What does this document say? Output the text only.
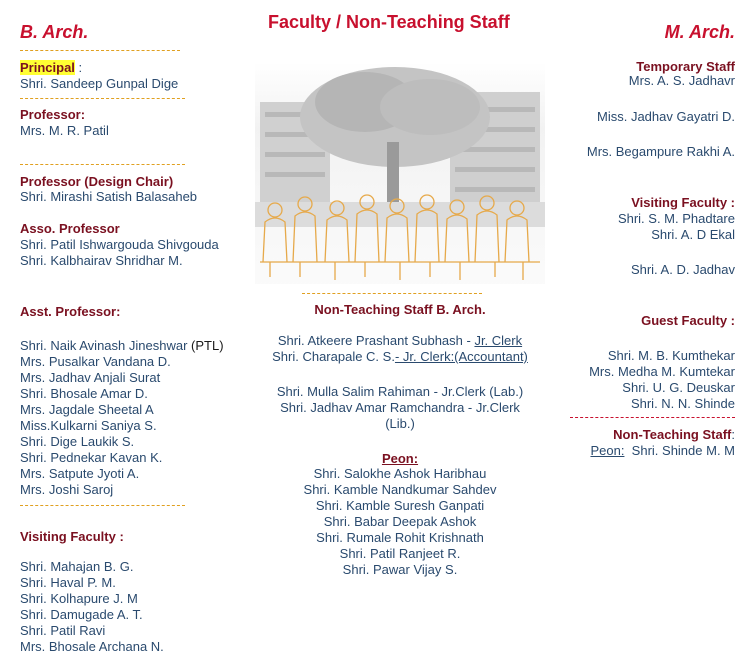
Faculty / Non-Teaching Staff
B. Arch.
Principal :
Shri. Sandeep Gunpal Dige
Professor:
Mrs. M. R. Patil
Professor (Design Chair)
Shri. Mirashi Satish Balasaheb
Asso. Professor
Shri. Patil Ishwargouda Shivgouda
Shri. Kalbhairav Shridhar M.
Asst. Professor:
Shri. Naik Avinash Jineshwar (PTL)
Mrs. Pusalkar Vandana D.
Mrs. Jadhav Anjali Surat
Shri. Bhosale Amar D.
Mrs. Jagdale Sheetal A
Miss.Kulkarni Saniya S.
Shri. Dige Laukik S.
Shri. Pednekar Kavan K.
Mrs. Satpute Jyoti A.
Mrs. Joshi Saroj
Visiting Faculty :
Shri. Mahajan B. G.
Shri. Haval P. M.
Shri. Kolhapure J. M
Shri. Damugade A. T.
Shri. Patil Ravi
Mrs. Bhosale Archana N.
Non-Teaching Staff B. Arch.
Shri. Atkeere Prashant Subhash - Jr. Clerk
Shri. Charapale C. S.- Jr. Clerk:(Accountant)
Shri. Mulla Salim Rahiman - Jr.Clerk (Lab.)
Shri. Jadhav Amar Ramchandra - Jr.Clerk
(Lib.)
Peon:
Shri. Salokhe Ashok Haribhau
Shri. Kamble Nandkumar Sahdev
Shri. Kamble Suresh Ganpati
Shri. Babar Deepak Ashok
Shri. Rumale Rohit Krishnath
Shri. Patil Ranjeet R.
Shri. Pawar Vijay S.
M. Arch.
Temporary Staff
Mrs. A. S. Jadhavr
Miss. Jadhav Gayatri D.
Mrs. Begampure Rakhi A.
Visiting Faculty :
Shri. S. M. Phadtare
Shri. A. D Ekal
Shri. A. D. Jadhav
Guest Faculty :
Shri. M. B. Kumthekar
Mrs. Medha M. Kumtekar
Shri. U. G. Deuskar
Shri. N. N. Shinde
Non-Teaching Staff:
Peon:  Shri. Shinde M. M
